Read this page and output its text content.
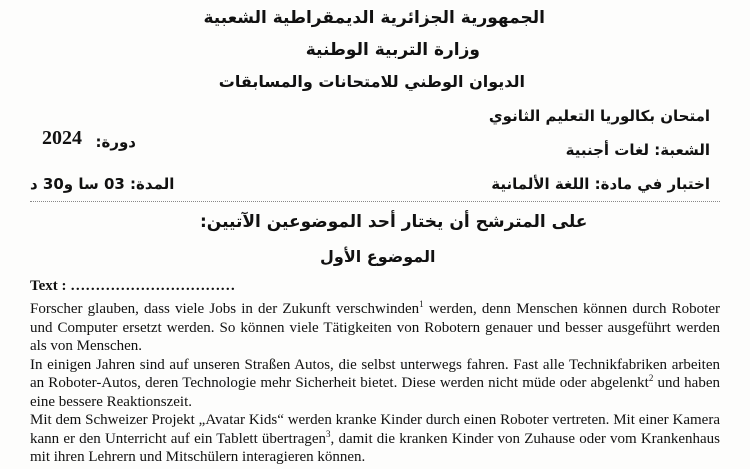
الجمهورية الجزائرية الديمقراطية الشعبية
وزارة التربية الوطنية
الديوان الوطني للامتحانات والمسابقات
امتحان بكالوريا التعليم الثانوي
دورة:
2024
الشعبة: لغات أجنبية
اختبار في مادة: اللغة الألمانية
المدة: 03 سا و30 د
على المترشح أن يختار أحد الموضوعين الآتيين:
الموضوع الأول
Text : ……………………………

Forscher glauben, dass viele Jobs in der Zukunft verschwinden$^1$ werden, denn Menschen können durch Roboter und Computer ersetzt werden. So können viele Tätigkeiten von Robotern genauer und besser ausgeführt werden als von Menschen.

In einigen Jahren sind auf unseren Straßen Autos, die selbst unterwegs fahren. Fast alle Technikfabriken arbeiten an Roboter-Autos, deren Technologie mehr Sicherheit bietet. Diese werden nicht müde oder abgelenkt$^2$ und haben eine bessere Reaktionszeit.

Mit dem Schweizer Projekt „Avatar Kids“ werden kranke Kinder durch einen Roboter vertreten. Mit einer Kamera kann er den Unterricht auf ein Tablett übertragen$^3$, damit die kranken Kinder von Zuhause oder vom Krankenhaus mit ihren Lehrern und Mitschülern interagieren können.
